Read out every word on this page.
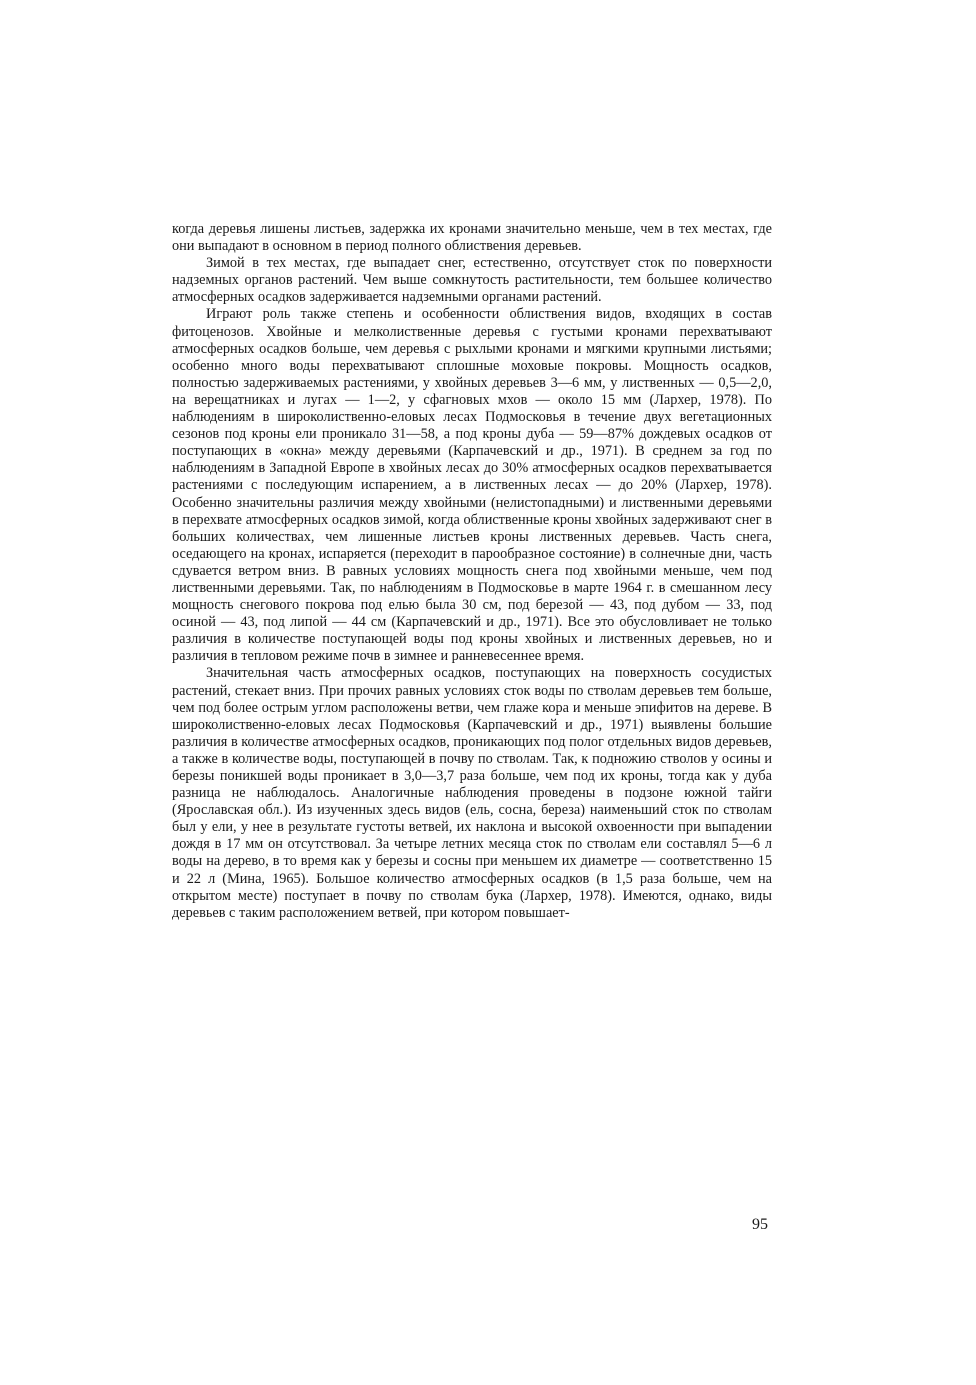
когда деревья лишены листьев, задержка их кронами значительно меньше, чем в тех местах, где они выпадают в основном в период полного облиствения деревьев.

Зимой в тех местах, где выпадает снег, естественно, отсутствует сток по поверхности надземных органов растений. Чем выше сомкнутость растительности, тем большее количество атмосферных осадков задерживается надземными органами растений.

Играют роль также степень и особенности облиствения видов, входящих в состав фитоценозов. Хвойные и мелколиственные деревья с густыми кронами перехватывают атмосферных осадков больше, чем деревья с рыхлыми кронами и мягкими крупными листьями; особенно много воды перехватывают сплошные моховые покровы. Мощность осадков, полностью задерживаемых растениями, у хвойных деревьев 3—6 мм, у лиственных — 0,5—2,0, на верещатниках и лугах — 1—2, у сфагновых мхов — около 15 мм (Лархер, 1978). По наблюдениям в широколиственно-еловых лесах Подмосковья в течение двух вегетационных сезонов под кроны ели проникало 31—58, а под кроны дуба — 59—87% дождевых осадков от поступающих в «окна» между деревьями (Карпачевский и др., 1971). В среднем за год по наблюдениям в Западной Европе в хвойных лесах до 30% атмосферных осадков перехватывается растениями с последующим испарением, а в лиственных лесах — до 20% (Лархер, 1978). Особенно значительны различия между хвойными (нелистопадными) и лиственными деревьями в перехвате атмосферных осадков зимой, когда облиственные кроны хвойных задерживают снег в больших количествах, чем лишенные листьев кроны лиственных деревьев. Часть снега, оседающего на кронах, испаряется (переходит в парообразное состояние) в солнечные дни, часть сдувается ветром вниз. В равных условиях мощность снега под хвойными меньше, чем под лиственными деревьями. Так, по наблюдениям в Подмосковье в марте 1964 г. в смешанном лесу мощность снегового покрова под елью была 30 см, под березой — 43, под дубом — 33, под осиной — 43, под липой — 44 см (Карпачевский и др., 1971). Все это обусловливает не только различия в количестве поступающей воды под кроны хвойных и лиственных деревьев, но и различия в тепловом режиме почв в зимнее и ранневесеннее время.

Значительная часть атмосферных осадков, поступающих на поверхность сосудистых растений, стекает вниз. При прочих равных условиях сток воды по стволам деревьев тем больше, чем под более острым углом расположены ветви, чем глаже кора и меньше эпифитов на дереве. В широколиственно-еловых лесах Подмосковья (Карпачевский и др., 1971) выявлены большие различия в количестве атмосферных осадков, проникающих под полог отдельных видов деревьев, а также в количестве воды, поступающей в почву по стволам. Так, к подножию стволов у осины и березы поникшей воды проникает в 3,0—3,7 раза больше, чем под их кроны, тогда как у дуба разница не наблюдалось. Аналогичные наблюдения проведены в подзоне южной тайги (Ярославская обл.). Из изученных здесь видов (ель, сосна, береза) наименьший сток по стволам был у ели, у нее в результате густоты ветвей, их наклона и высокой охвоенности при выпадении дождя в 17 мм он отсутствовал. За четыре летних месяца сток по стволам ели составлял 5—6 л воды на дерево, в то время как у березы и сосны при меньшем их диаметре — соответственно 15 и 22 л (Мина, 1965). Большое количество атмосферных осадков (в 1,5 раза больше, чем на открытом месте) поступает в почву по стволам бука (Лархер, 1978). Имеются, однако, виды деревьев с таким расположением ветвей, при котором повышает-

95
